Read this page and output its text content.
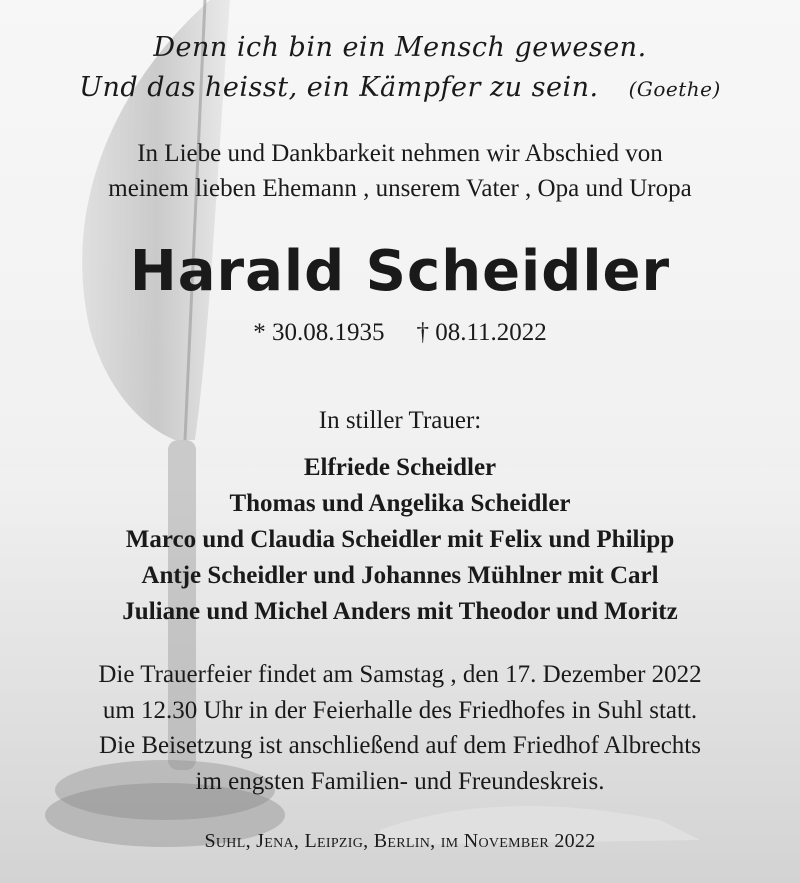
Denn ich bin ein Mensch gewesen.
Und das heisst, ein Kämpfer zu sein. (Goethe)
In Liebe und Dankbarkeit nehmen wir Abschied von
meinem lieben Ehemann , unserem Vater , Opa und Uropa
Harald Scheidler
* 30.08.1935 † 08.11.2022
In stiller Trauer:
Elfriede Scheidler
Thomas und Angelika Scheidler
Marco und Claudia Scheidler mit Felix und Philipp
Antje Scheidler und Johannes Mühlner mit Carl
Juliane und Michel Anders mit Theodor und Moritz
Die Trauerfeier findet am Samstag , den 17. Dezember 2022
um 12.30 Uhr in der Feierhalle des Friedhofes in Suhl statt.
Die Beisetzung ist anschließend auf dem Friedhof Albrechts
im engsten Familien- und Freundeskreis.
Suhl, Jena, Leipzig, Berlin, im November 2022
